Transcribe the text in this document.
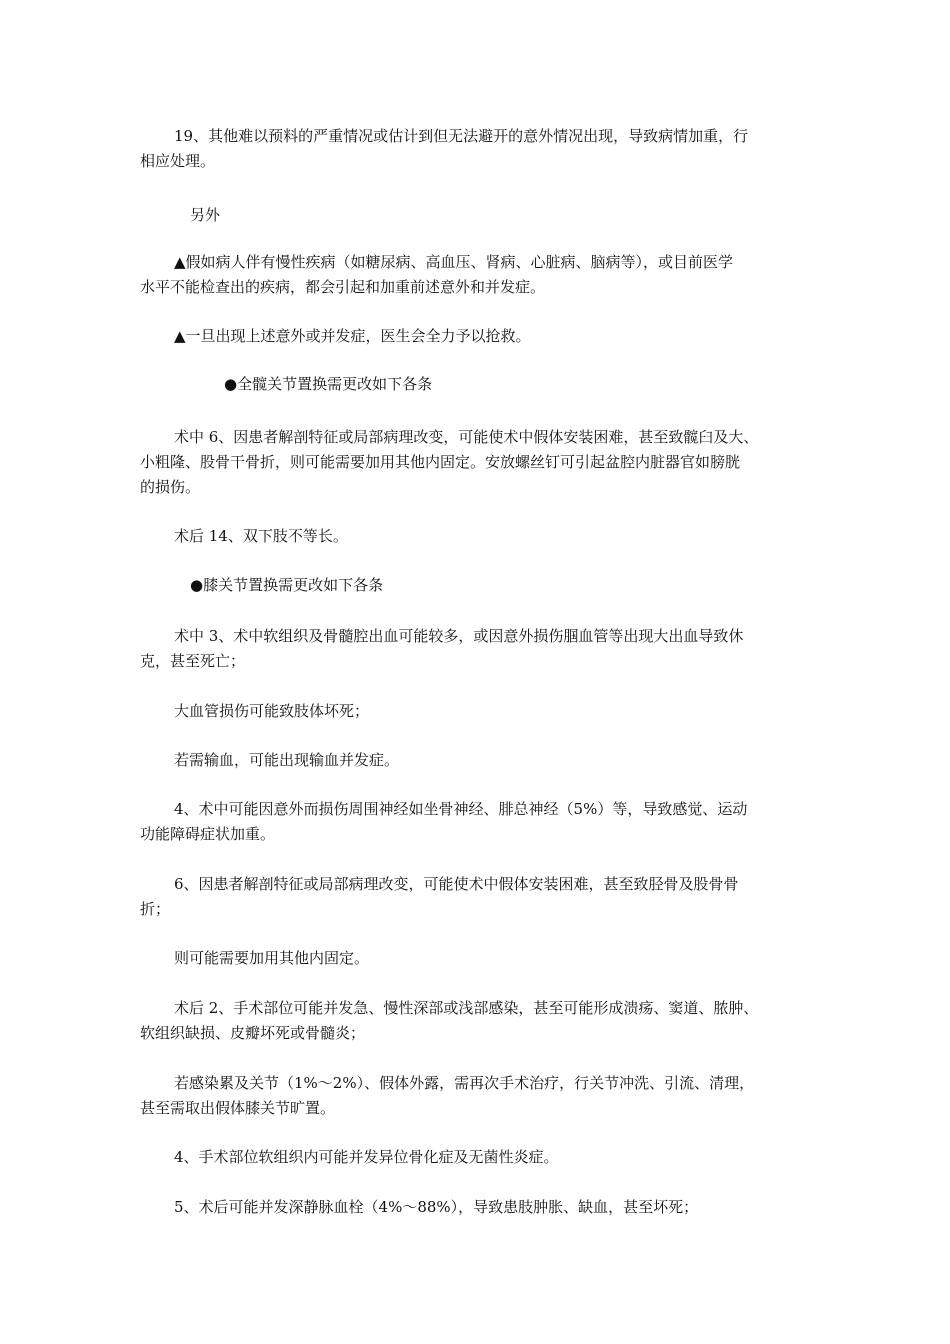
19、其他难以预料的严重情况或估计到但无法避开的意外情况出现，导致病情加重，行
相应处理。

另外

▲假如病人伴有慢性疾病（如糖尿病、高血压、肾病、心脏病、脑病等），或目前医学
水平不能检查出的疾病，都会引起和加重前述意外和并发症。

▲一旦出现上述意外或并发症，医生会全力予以抢救。

●全髋关节置换需更改如下各条

术中 6、因患者解剖特征或局部病理改变，可能使术中假体安装困难，甚至致髋臼及大、
小粗隆、股骨干骨折，则可能需要加用其他内固定。安放螺丝钉可引起盆腔内脏器官如膀胱
的损伤。

术后 14、双下肢不等长。

●膝关节置换需更改如下各条

术中 3、术中软组织及骨髓腔出血可能较多，或因意外损伤腘血管等出现大出血导致休
克，甚至死亡；

大血管损伤可能致肢体坏死；

若需输血，可能出现输血并发症。

4、术中可能因意外而损伤周围神经如坐骨神经、腓总神经（5%）等，导致感觉、运动
功能障碍症状加重。

6、因患者解剖特征或局部病理改变，可能使术中假体安装困难，甚至致胫骨及股骨骨
折；

则可能需要加用其他内固定。

术后 2、手术部位可能并发急、慢性深部或浅部感染，甚至可能形成溃疡、窦道、脓肿、
软组织缺损、皮瓣坏死或骨髓炎；

若感染累及关节（1%～2%）、假体外露，需再次手术治疗，行关节冲洗、引流、清理，
甚至需取出假体膝关节旷置。

4、手术部位软组织内可能并发异位骨化症及无菌性炎症。

5、术后可能并发深静脉血栓（4%～88%），导致患肢肿胀、缺血，甚至坏死；
